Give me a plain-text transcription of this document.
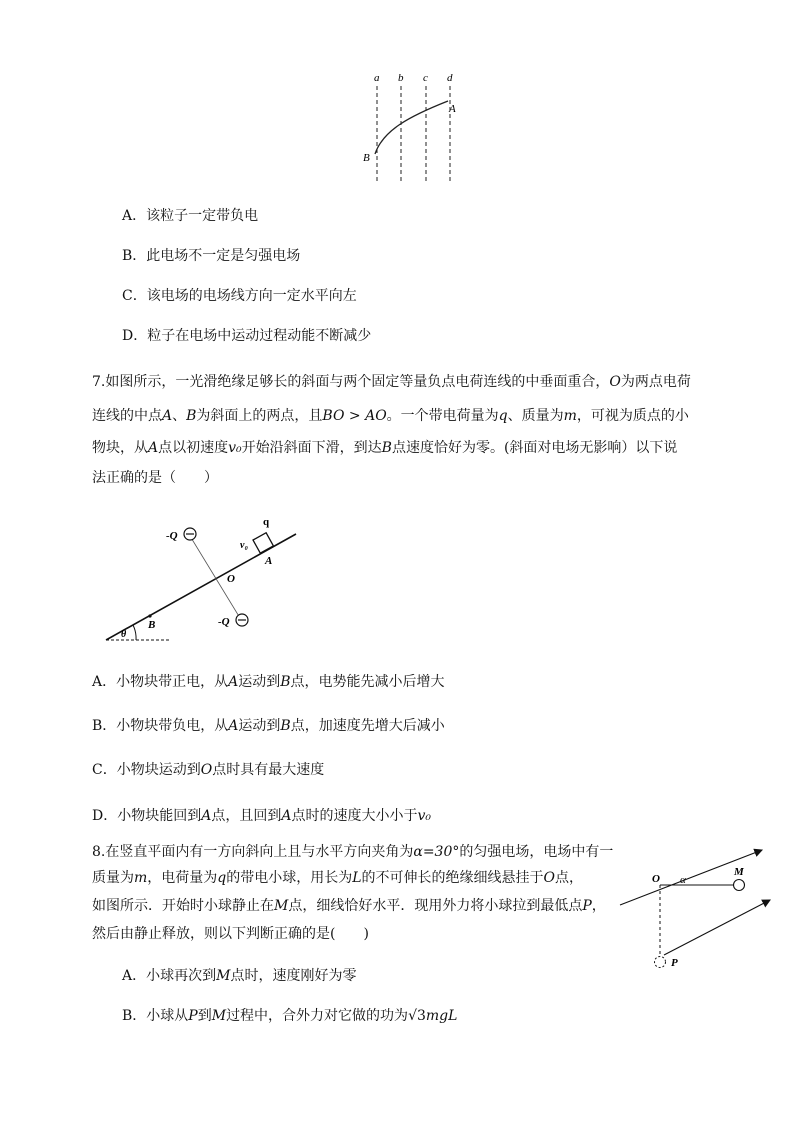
a b c d
A
B
A．该粒子一定带负电
B．此电场不一定是匀强电场
C．该电场的电场线方向一定水平向左
D．粒子在电场中运动过程动能不断减少
7.如图所示，一光滑绝缘足够长的斜面与两个固定等量负点电荷连线的中垂面重合，O为两点电荷
连线的中点A、B为斜面上的两点，且BO > AO。一个带电荷量为q、质量为m，可视为质点的小
物块，从A点以初速度v₀开始沿斜面下滑，到达B点速度恰好为零。(斜面对电场无影响）以下说
法正确的是（　　）
-Q
-Q
q
v₀
A
O
B
θ
A．小物块带正电，从A运动到B点，电势能先减小后增大
B．小物块带负电，从A运动到B点，加速度先增大后减小
C．小物块运动到O点时具有最大速度
D．小物块能回到A点，且回到A点时的速度大小小于v₀
8.在竖直平面内有一方向斜向上且与水平方向夹角为α=30°的匀强电场，电场中有一
质量为m，电荷量为q的带电小球，用长为L的不可伸长的绝缘细线悬挂于O点，
如图所示．开始时小球静止在M点，细线恰好水平．现用外力将小球拉到最低点P，
然后由静止释放，则以下判断正确的是(　　)
O α
M
P
A．小球再次到M点时，速度刚好为零
B．小球从P到M过程中，合外力对它做的功为√3mgL
